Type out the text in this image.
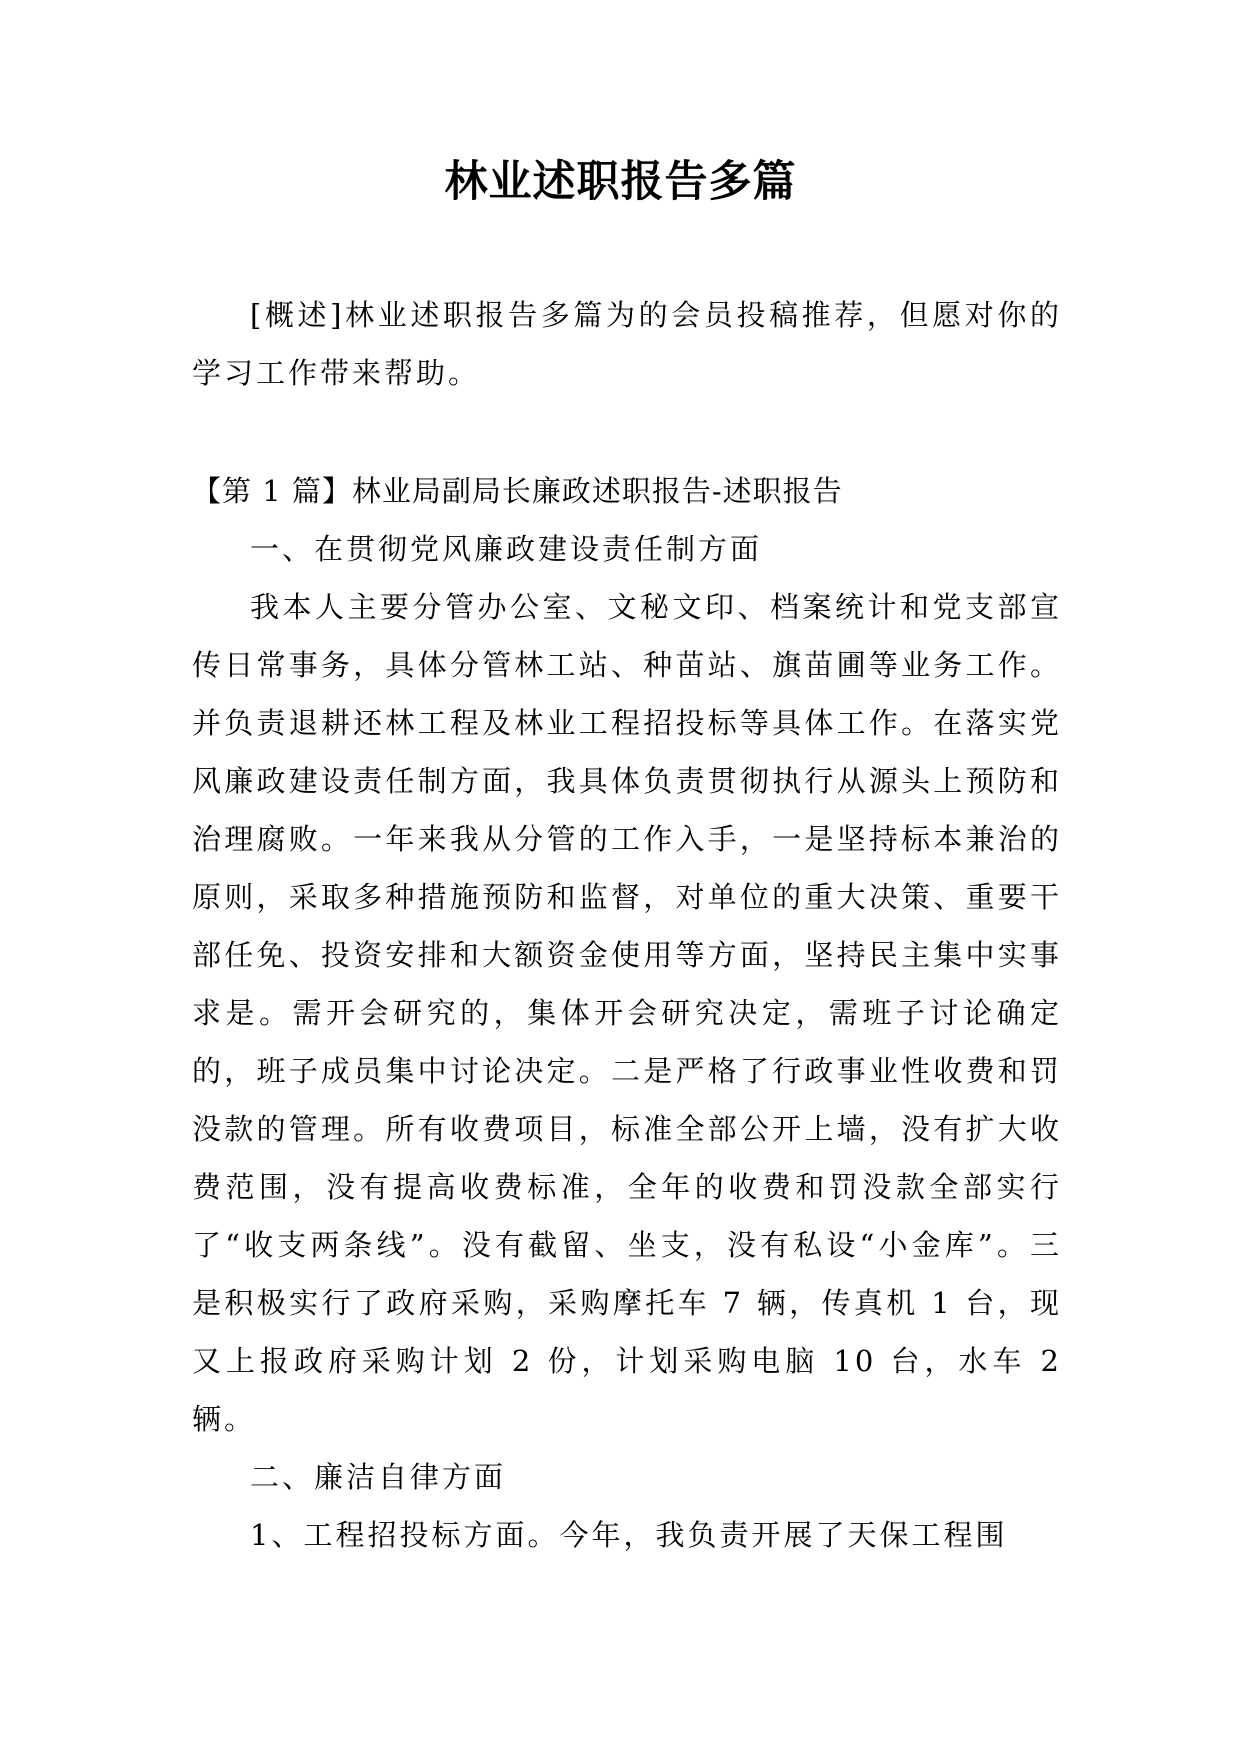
林业述职报告多篇
[概述]林业述职报告多篇为的会员投稿推荐，但愿对你的学习工作带来帮助。
【第 1 篇】林业局副局长廉政述职报告-述职报告

一、在贯彻党风廉政建设责任制方面

我本人主要分管办公室、文秘文印、档案统计和党支部宣传日常事务，具体分管林工站、种苗站、旗苗圃等业务工作。并负责退耕还林工程及林业工程招投标等具体工作。在落实党风廉政建设责任制方面，我具体负责贯彻执行从源头上预防和治理腐败。一年来我从分管的工作入手，一是坚持标本兼治的原则，采取多种措施预防和监督，对单位的重大决策、重要干部任免、投资安排和大额资金使用等方面，坚持民主集中实事求是。需开会研究的，集体开会研究决定，需班子讨论确定的，班子成员集中讨论决定。二是严格了行政事业性收费和罚没款的管理。所有收费项目，标准全部公开上墙，没有扩大收费范围，没有提高收费标准，全年的收费和罚没款全部实行了“收支两条线”。没有截留、坐支，没有私设“小金库”。三是积极实行了政府采购，采购摩托车 7 辆，传真机 1 台，现又上报政府采购计划 2 份，计划采购电脑 10 台，水车 2 辆。

二、廉洁自律方面

1、工程招投标方面。今年，我负责开展了天保工程围
